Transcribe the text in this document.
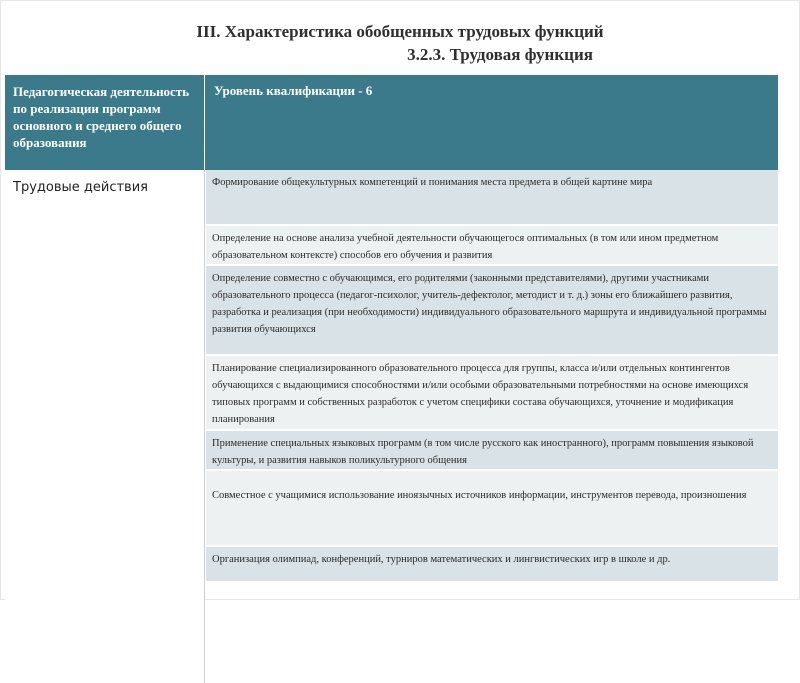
III. Характеристика обобщенных трудовых функций
3.2.3. Трудовая функция
Педагогическая деятельность по реализации программ основного и среднего общего образования
Уровень квалификации - 6
Трудовые действия	Формирование общекультурных компетенций и понимания места предмета в общей картине мира
Определение на основе анализа учебной деятельности обучающегося оптимальных (в том или ином предметном образовательном контексте) способов его обучения и развития
Определение совместно с обучающимся, его родителями (законными представителями), другими участниками образовательного процесса (педагог-психолог, учитель-дефектолог, методист и т. д.) зоны его ближайшего развития, разработка и реализация (при необходимости) индивидуального образовательного маршрута и индивидуальной программы развития обучающихся
Планирование специализированного образовательного процесса для группы, класса и/или отдельных контингентов обучающихся с выдающимися способностями и/или особыми образовательными потребностями на основе имеющихся типовых программ и собственных разработок с учетом специфики состава обучающихся, уточнение и модификация планирования
Применение специальных языковых программ (в том числе русского как иностранного), программ повышения языковой культуры, и развития навыков поликультурного общения
Совместное с учащимися использование иноязычных источников информации, инструментов перевода, произношения
Организация олимпиад, конференций, турниров математических и лингвистических игр в школе и др.
